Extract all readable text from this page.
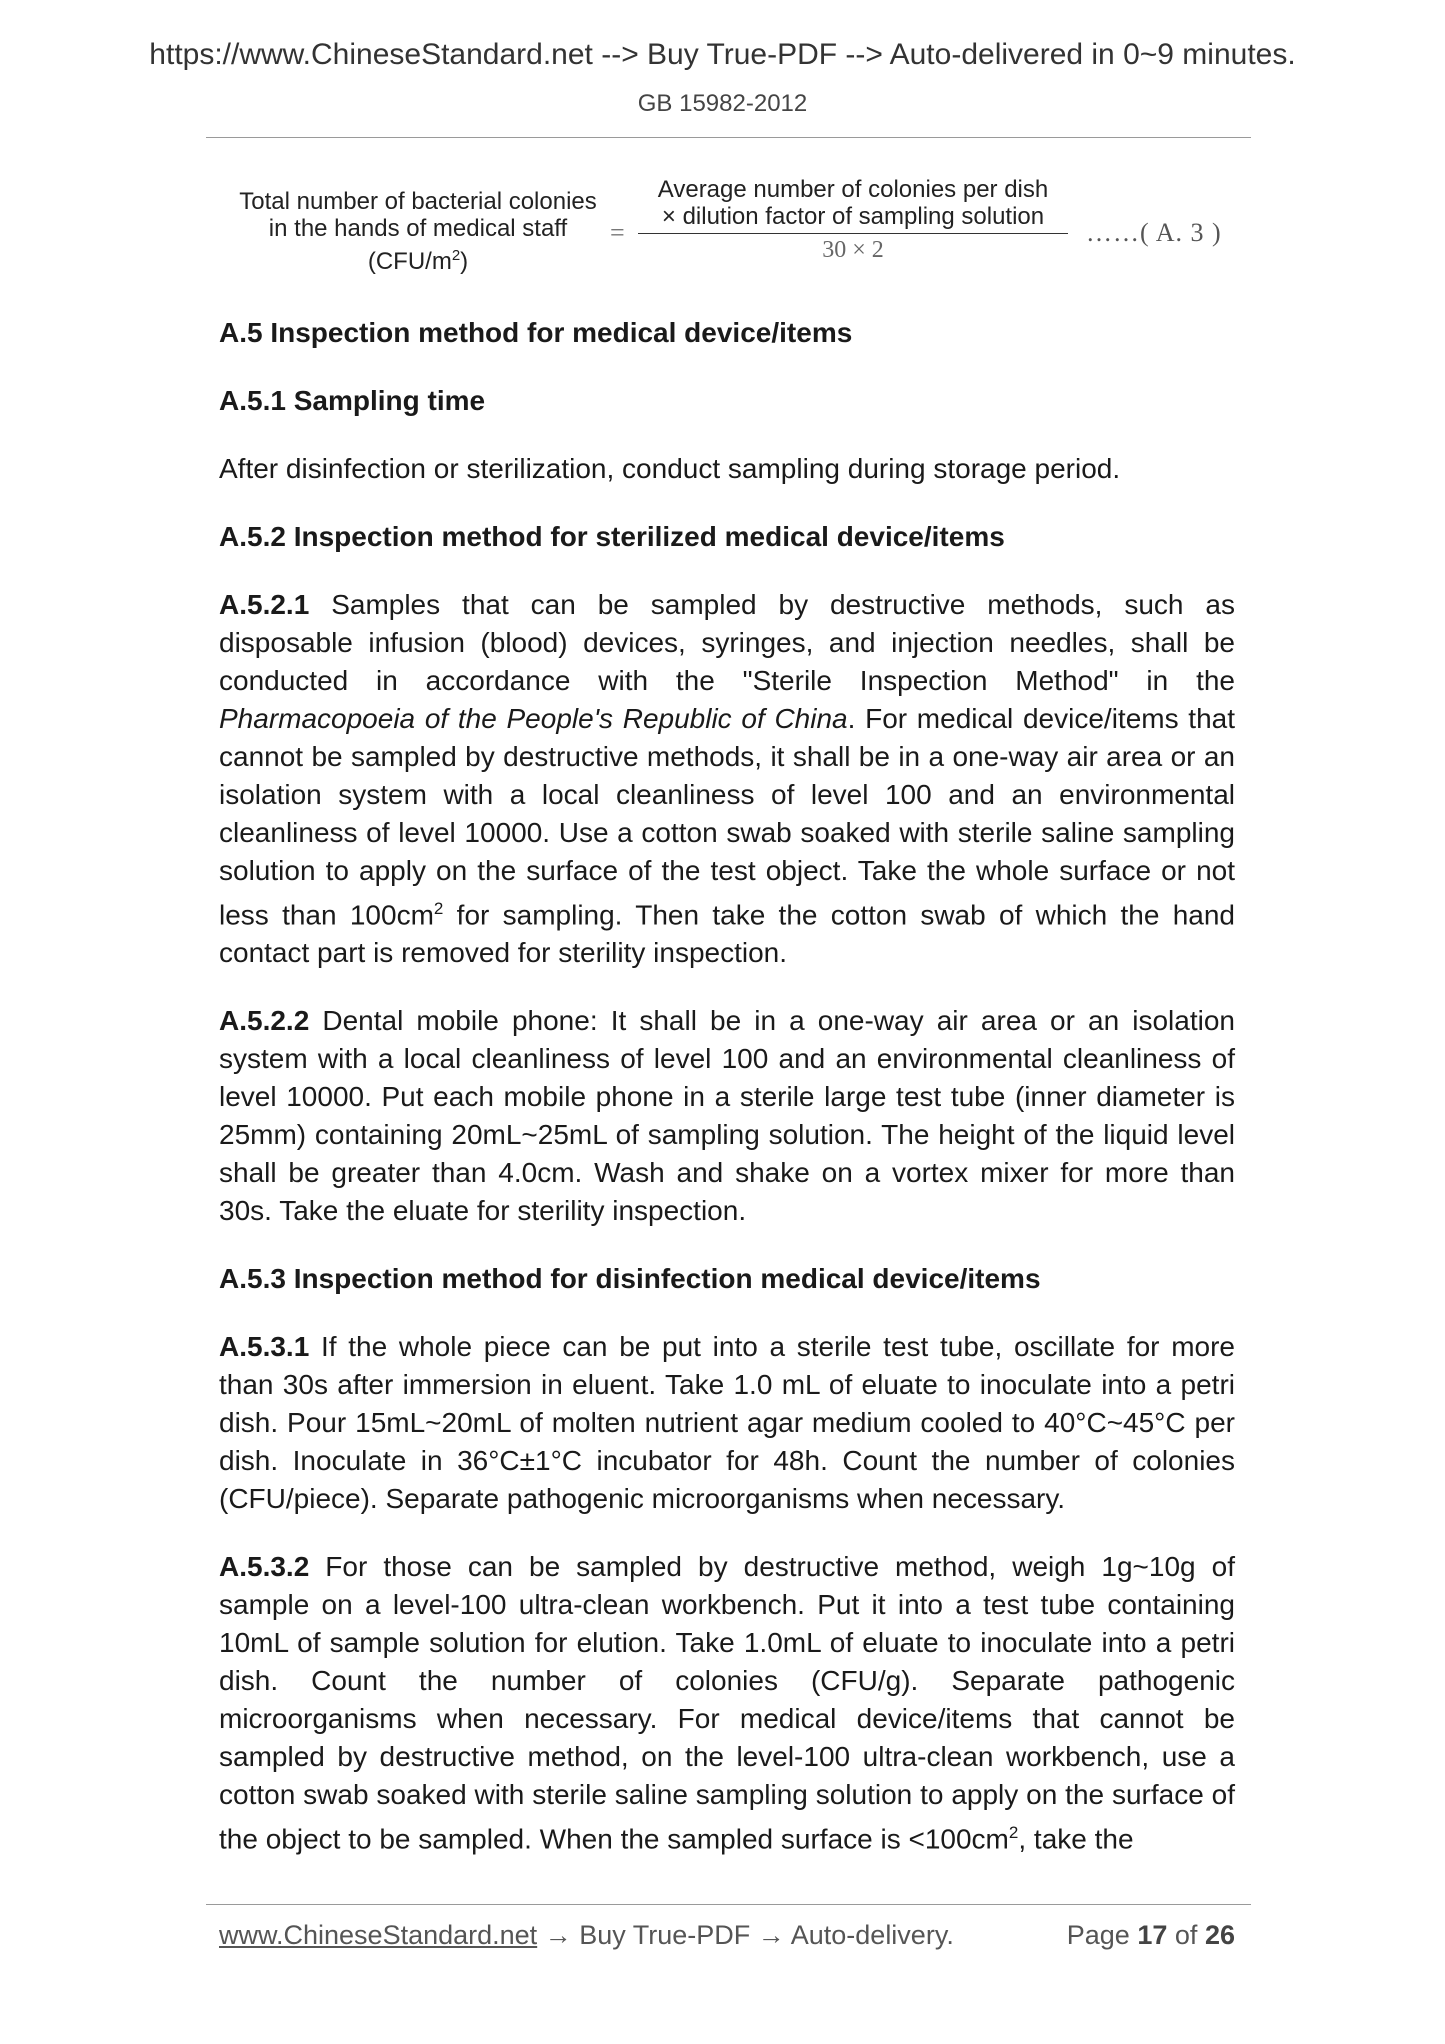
https://www.ChineseStandard.net --> Buy True-PDF --> Auto-delivered in 0~9 minutes.
GB 15982-2012
Total number of bacterial colonies
in the hands of medical staff
$(CFU/m^2)$
=
Average number of colonies per dish
× dilution factor of sampling solution
30 × 2
……( A. 3 )
A.5 Inspection method for medical device/items
A.5.1 Sampling time

After disinfection or sterilization, conduct sampling during storage period.

A.5.2 Inspection method for sterilized medical device/items

A.5.2.1 Samples that can be sampled by destructive methods, such as disposable infusion (blood) devices, syringes, and injection needles, shall be conducted in accordance with the "Sterile Inspection Method" in the Pharmacopoeia of the People's Republic of China. For medical device/items that cannot be sampled by destructive methods, it shall be in a one-way air area or an isolation system with a local cleanliness of level 100 and an environmental cleanliness of level 10000. Use a cotton swab soaked with sterile saline sampling solution to apply on the surface of the test object. Take the whole surface or not less than $100cm^2$ for sampling. Then take the cotton swab of which the hand contact part is removed for sterility inspection.

A.5.2.2 Dental mobile phone: It shall be in a one-way air area or an isolation system with a local cleanliness of level 100 and an environmental cleanliness of level 10000. Put each mobile phone in a sterile large test tube (inner diameter is 25mm) containing 20mL~25mL of sampling solution. The height of the liquid level shall be greater than 4.0cm. Wash and shake on a vortex mixer for more than 30s. Take the eluate for sterility inspection.

A.5.3 Inspection method for disinfection medical device/items

A.5.3.1 If the whole piece can be put into a sterile test tube, oscillate for more than 30s after immersion in eluent. Take 1.0 mL of eluate to inoculate into a petri dish. Pour 15mL~20mL of molten nutrient agar medium cooled to 40°C~45°C per dish. Inoculate in 36°C±1°C incubator for 48h. Count the number of colonies (CFU/piece). Separate pathogenic microorganisms when necessary.

A.5.3.2 For those can be sampled by destructive method, weigh 1g~10g of sample on a level-100 ultra-clean workbench. Put it into a test tube containing 10mL of sample solution for elution. Take 1.0mL of eluate to inoculate into a petri dish. Count the number of colonies (CFU/g). Separate pathogenic microorganisms when necessary. For medical device/items that cannot be sampled by destructive method, on the level-100 ultra-clean workbench, use a cotton swab soaked with sterile saline sampling solution to apply on the surface of the object to be sampled. When the sampled surface is $<100cm^2$, take the

www.ChineseStandard.net → Buy True-PDF → Auto-delivery.	Page 17 of 26
